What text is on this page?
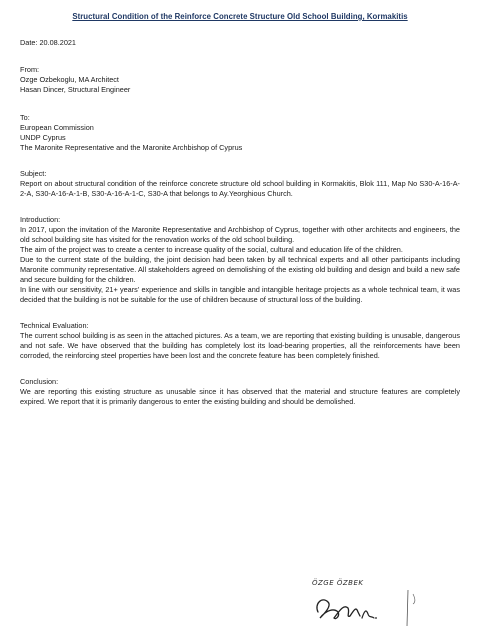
Structural Condition of the Reinforce Concrete Structure Old School Building, Kormakitis

Date: 20.08.2021

From:

Ozge Ozbekoglu, MA Architect
Hasan Dincer, Structural Engineer

To:

European Commission
UNDP Cyprus
The Maronite Representative and the Maronite Archbishop of Cyprus

Subject:

Report on about structural condition of the reinforce concrete structure old school building in Kormakitis, Blok 111, Map No S30-A-16-A-2-A, S30-A-16-A-1-B, S30-A-16-A-1-C, S30-A that belongs to Ay.Yeorghious Church.

Introduction:

In 2017, upon the invitation of the Maronite Representative and Archbishop of Cyprus, together with other architects and engineers, the old school building site has visited for the renovation works of the old school building.

The aim of the project was to create a center to increase quality of the social, cultural and education life of the children.

Due to the current state of the building, the joint decision had been taken by all technical experts and all other participants including Maronite community representative. All stakeholders agreed on demolishing of the existing old building and design and build a new safe and secure building for the children.

In line with our sensitivity, 21+ years' experience and skills in tangible and intangible heritage projects as a whole technical team, it was decided that the building is not be suitable for the use of children because of structural loss of the building.

Technical Evaluation:

The current school building is as seen in the attached pictures. As a team, we are reporting that existing building is unusable, dangerous and not safe. We have observed that the building has completely lost its load-bearing properties, all the reinforcements have been corroded, the reinforcing steel properties have been lost and the concrete feature has been completely finished.

Conclusion:

We are reporting this existing structure as unusable since it has observed that the material and structure features are completely expired. We report that it is primarily dangerous to enter the existing building and should be demolished.

ÖZGE ÖZBEK
